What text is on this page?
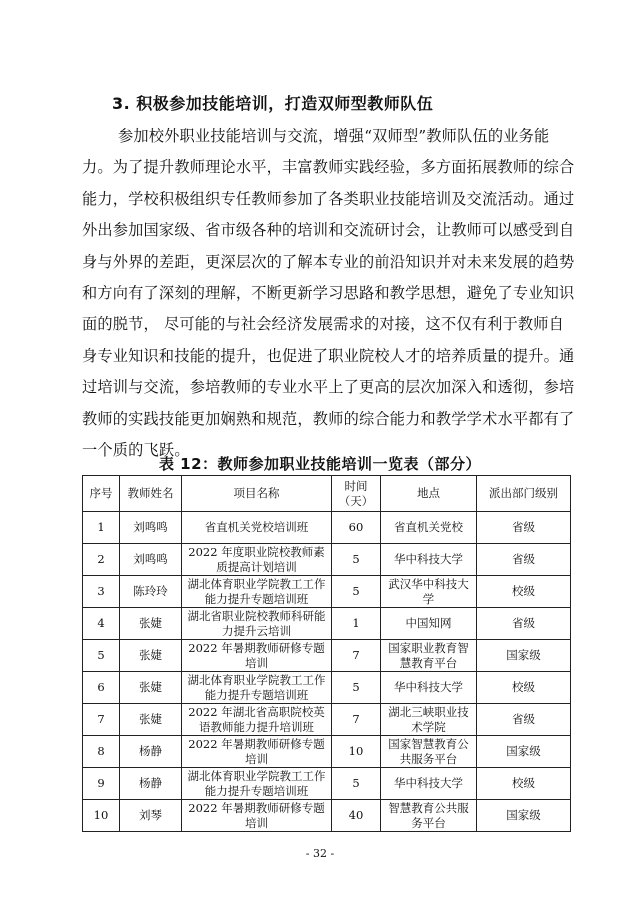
3. 积极参加技能培训，打造双师型教师队伍
参加校外职业技能培训与交流，增强“双师型”教师队伍的业务能
力。为了提升教师理论水平，丰富教师实践经验，多方面拓展教师的综合
能力，学校积极组织专任教师参加了各类职业技能培训及交流活动。通过
外出参加国家级、省市级各种的培训和交流研讨会，让教师可以感受到自
身与外界的差距，更深层次的了解本专业的前沿知识并对未来发展的趋势
和方向有了深刻的理解，不断更新学习思路和教学思想，避免了专业知识
面的脱节， 尽可能的与社会经济发展需求的对接，这不仅有利于教师自
身专业知识和技能的提升，也促进了职业院校人才的培养质量的提升。通
过培训与交流，参培教师的专业水平上了更高的层次加深入和透彻，参培
教师的实践技能更加娴熟和规范，教师的综合能力和教学学术水平都有了
一个质的飞跃。
表 12：教师参加职业技能培训一览表（部分）
序号	教师姓名	项目名称	时间（天）	地点	派出部门级别
1	刘鸣鸣	省直机关党校培训班	60	省直机关党校	省级
2	刘鸣鸣	2022 年度职业院校教师素质提高计划培训	5	华中科技大学	省级
3	陈玲玲	湖北体育职业学院教工工作能力提升专题培训班	5	武汉华中科技大学	校级
4	张婕	湖北省职业院校教师科研能力提升云培训	1	中国知网	省级
5	张婕	2022 年暑期教师研修专题培训	7	国家职业教育智慧教育平台	国家级
6	张婕	湖北体育职业学院教工工作能力提升专题培训班	5	华中科技大学	校级
7	张婕	2022 年湖北省高职院校英语教师能力提升培训班	7	湖北三峡职业技术学院	省级
8	杨静	2022 年暑期教师研修专题培训	10	国家智慧教育公共服务平台	国家级
9	杨静	湖北体育职业学院教工工作能力提升专题培训班	5	华中科技大学	校级
10	刘琴	2022 年暑期教师研修专题培训	40	智慧教育公共服务平台	国家级
- 32 -
